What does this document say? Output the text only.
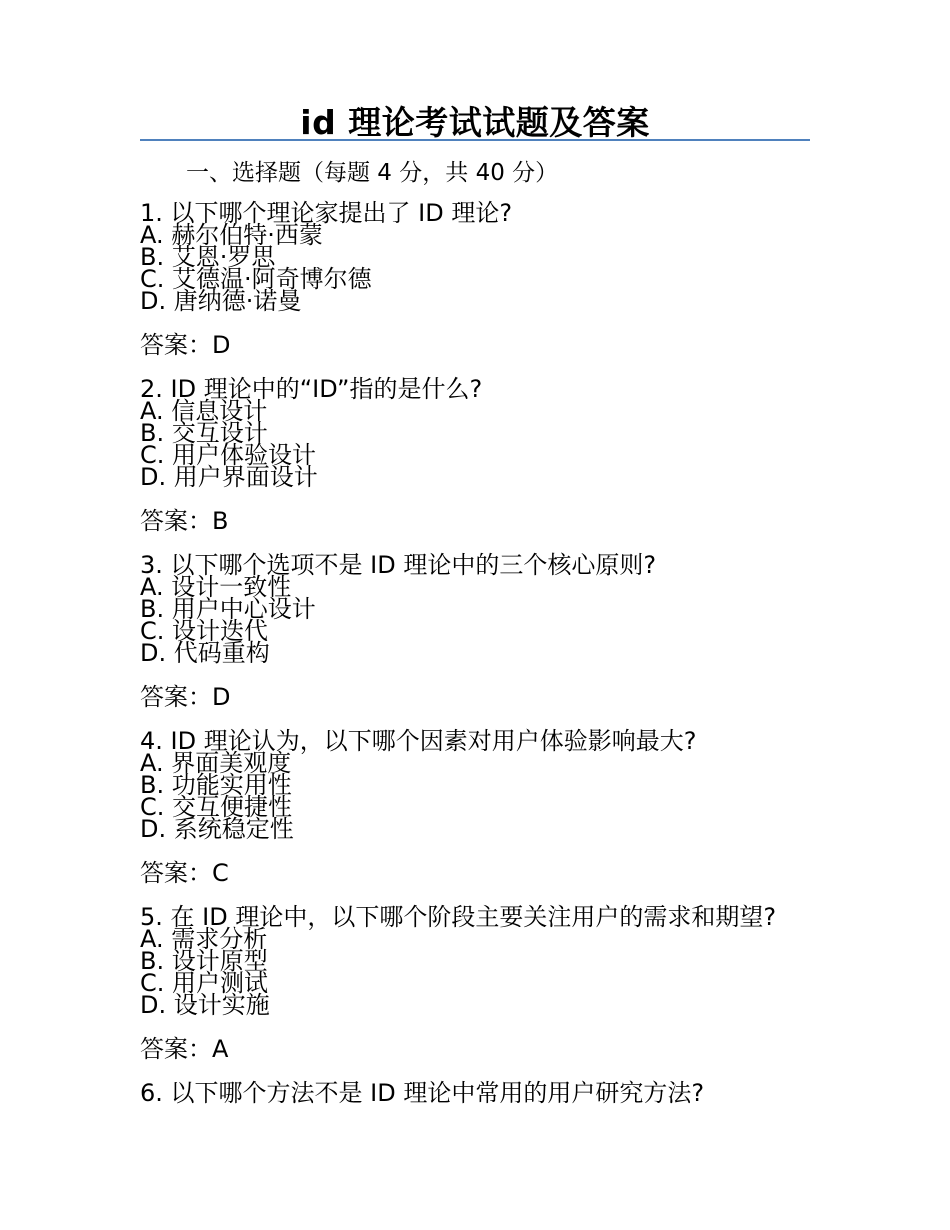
id 理论考试试题及答案
一、选择题（每题 4 分，共 40 分）
1. 以下哪个理论家提出了 ID 理论?
A. 赫尔伯特·西蒙
B. 艾恩·罗思
C. 艾德温·阿奇博尔德
D. 唐纳德·诺曼
答案：D
2. ID 理论中的“ID”指的是什么?
A. 信息设计
B. 交互设计
C. 用户体验设计
D. 用户界面设计
答案：B
3. 以下哪个选项不是 ID 理论中的三个核心原则?
A. 设计一致性
B. 用户中心设计
C. 设计迭代
D. 代码重构
答案：D
4. ID 理论认为，以下哪个因素对用户体验影响最大?
A. 界面美观度
B. 功能实用性
C. 交互便捷性
D. 系统稳定性
答案：C
5. 在 ID 理论中，以下哪个阶段主要关注用户的需求和期望?
A. 需求分析
B. 设计原型
C. 用户测试
D. 设计实施
答案：A
6. 以下哪个方法不是 ID 理论中常用的用户研究方法?
